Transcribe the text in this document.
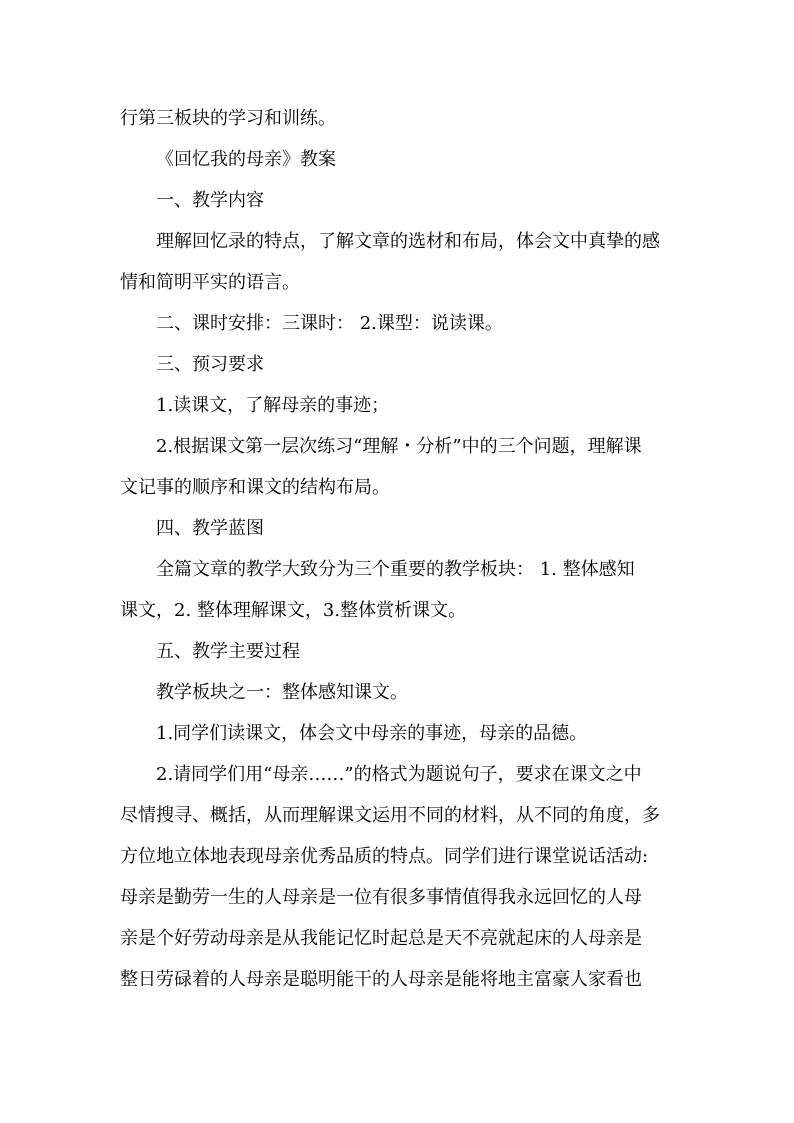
行第三板块的学习和训练。
《回忆我的母亲》教案
一、教学内容
理解回忆录的特点，了解文章的选材和布局，体会文中真挚的感
情和简明平实的语言。
二、课时安排：三课时： 2.课型：说读课。
三、预习要求
1.读课文，了解母亲的事迹；
2.根据课文第一层次练习“理解・分析”中的三个问题，理解课
文记事的顺序和课文的结构布局。
四、教学蓝图
全篇文章的教学大致分为三个重要的教学板块： 1. 整体感知
课文，2. 整体理解课文，3.整体赏析课文。
五、教学主要过程
教学板块之一：整体感知课文。
1.同学们读课文，体会文中母亲的事迹，母亲的品德。
2.请同学们用“母亲……”的格式为题说句子，要求在课文之中
尽情搜寻、概括，从而理解课文运用不同的材料，从不同的角度，多
方位地立体地表现母亲优秀品质的特点。同学们进行课堂说话活动:
母亲是勤劳一生的人母亲是一位有很多事情值得我永远回忆的人母
亲是个好劳动母亲是从我能记忆时起总是天不亮就起床的人母亲是
整日劳碌着的人母亲是聪明能干的人母亲是能将地主富豪人家看也
